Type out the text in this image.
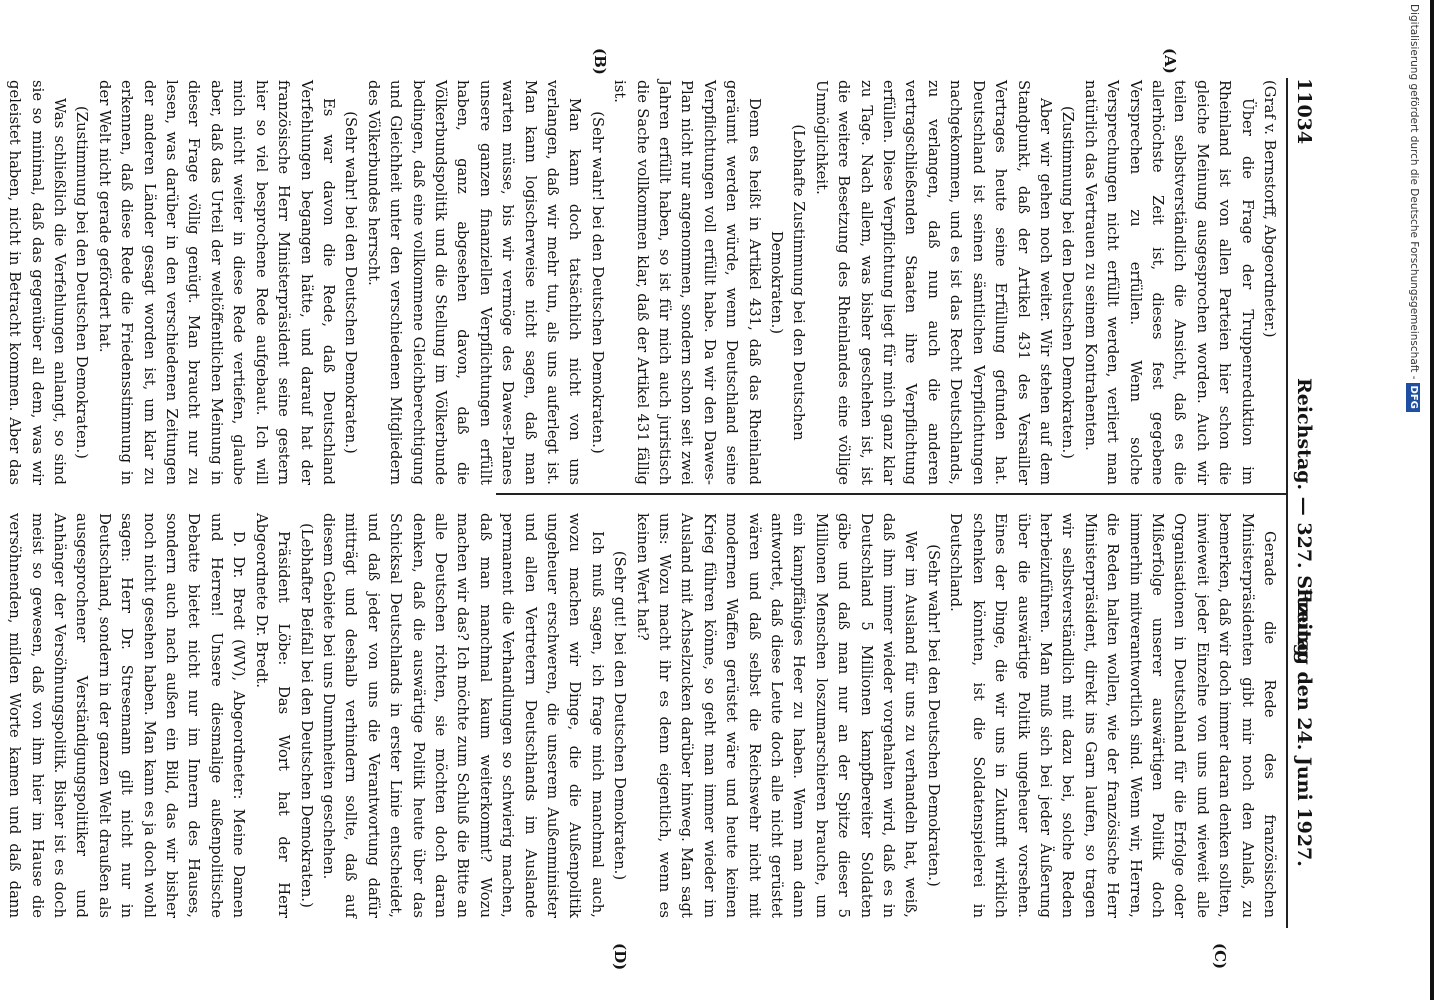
Digitalisierung gefördert durch die Deutsche Forschungsgemeinschaft -DFG
11034
Reichstag. — 327. Sitzung.
Freitag den 24. Juni 1927.
(A)
(B)
(C)
(D)

(Graf v. Bernstorff, Abgeordneter.)

Über die Frage der Truppenreduktion im Rheinland ist von allen Parteien hier schon die gleiche Meinung ausgesprochen worden. Auch wir teilen selbstverständlich die Ansicht, daß es die allerhöchste Zeit ist, dieses fest gegebene Versprechen zu erfüllen. Wenn solche Versprechungen nicht erfüllt werden, verliert man natürlich das Vertrauen zu seinem Kontrahenten.

(Zustimmung bei den Deutschen Demokraten.)

Aber wir gehen noch weiter. Wir stehen auf dem Standpunkt, daß der Artikel 431 des Versailler Vertrages heute seine Erfüllung gefunden hat. Deutschland ist seinen sämtlichen Verpflichtungen nachgekommen, und es ist das Recht Deutschlands, zu verlangen, daß nun auch die anderen vertragschließenden Staaten ihre Verpflichtung erfüllen. Diese Verpflichtung liegt für mich ganz klar zu Tage. Nach allem, was bisher geschehen ist, ist die weitere Besetzung des Rheinlandes eine völlige Unmöglichkeit.

(Lebhafte Zustimmung bei den Deutschen Demokraten.)

Denn es heißt in Artikel 431, daß das Rheinland geräumt werden würde, wenn Deutschland seine Verpflichtungen voll erfüllt habe. Da wir den Dawes-Plan nicht nur angenommen, sondern schon seit zwei Jahren erfüllt haben, so ist für mich auch juristisch die Sache vollkommen klar, daß der Artikel 431 fällig ist.

(Sehr wahr! bei den Deutschen Demokraten.)

Man kann doch tatsächlich nicht von uns verlangen, daß wir mehr tun, als uns auferlegt ist. Man kann logischerweise nicht sagen, daß man warten müsse, bis wir vermöge des Dawes-Planes unsere ganzen finanziellen Verpflichtungen erfüllt haben, ganz abgesehen davon, daß die Völkerbundspolitik und die Stellung im Völkerbunde bedingen, daß eine vollkommene Gleichberechtigung und Gleichheit unter den verschiedenen Mitgliedern des Völkerbundes herrscht.

(Sehr wahr! bei den Deutschen Demokraten.)

Es war davon die Rede, daß Deutschland Verfehlungen begangen hätte, und darauf hat der französische Herr Ministerpräsident seine gestern hier so viel besprochene Rede aufgebaut. Ich will mich nicht weiter in diese Rede vertiefen, glaube aber, daß das Urteil der weltöffentlichen Meinung in dieser Frage völlig genügt. Man braucht nur zu lesen, was darüber in den verschiedenen Zeitungen der anderen Länder gesagt worden ist, um klar zu erkennen, daß diese Rede die Friedensstimmung in der Welt nicht gerade gefördert hat.

(Zustimmung bei den Deutschen Demokraten.)

Was schließlich die Verfehlungen anlangt, so sind sie so minimal, daß das gegenüber all dem, was wir geleistet haben, nicht in Betracht kommen. Aber das

Gerade die Rede des französischen Ministerpräsidenten gibt mir noch den Anlaß, zu bemerken, daß wir doch immer daran denken sollten, inwieweit jeder Einzelne von uns und wieweit alle Organisationen in Deutschland für die Erfolge oder Mißerfolge unserer auswärtigen Politik doch immerhin mitverantwortlich sind. Wenn wir, Herren, die Reden halten wollen, wie der französische Herr Ministerpräsident, direkt ins Garn laufen, so tragen wir selbstverständlich mit dazu bei, solche Reden herbeizuführen. Man muß sich bei jeder Äußerung über die auswärtige Politik ungeheuer vorsehen. Eines der Dinge, die wir uns in Zukunft wirklich schenken könnten, ist die Soldatenspielerei in Deutschland.

(Sehr wahr! bei den Deutschen Demokraten.)

Wer im Ausland für uns zu verhandeln hat, weiß, daß ihm immer wieder vorgehalten wird, daß es in Deutschland 5 Millionen kampfbereiter Soldaten gäbe und daß man nur an der Spitze dieser 5 Millionen Menschen loszumarschieren brauche, um ein kampffähiges Heer zu haben. Wenn man dann antwortet, daß diese Leute doch alle nicht gerüstet wären und daß selbst die Reichswehr nicht mit modernen Waffen gerüstet wäre und heute keinen Krieg führen könne, so geht man immer wieder im Ausland mit Achselzucken darüber hinweg. Man sagt uns: Wozu macht ihr es denn eigentlich, wenn es keinen Wert hat?

(Sehr gut! bei den Deutschen Demokraten.)

Ich muß sagen, ich frage mich manchmal auch, wozu machen wir Dinge, die die Außenpolitik ungeheuer erschweren, die unserem Außenminister und allen Vertretern Deutschlands im Auslande permanent die Verhandlungen so schwierig machen, daß man manchmal kaum weiterkommt? Wozu machen wir das? Ich möchte zum Schluß die Bitte an alle Deutschen richten, sie möchten doch daran denken, daß die auswärtige Politik heute über das Schicksal Deutschlands in erster Linie entscheidet, und daß jeder von uns die Verantwortung dafür mitträgt und deshalb verhindern sollte, daß auf diesem Gebiete bei uns Dummheiten geschehen.

(Lebhafter Beifall bei den Deutschen Demokraten.)

Präsident Löbe: Das Wort hat der Herr Abgeordnete Dr. Bredt.

D. Dr. Bredt (WV), Abgeordneter: Meine Damen und Herren! Unsere diesmalige außenpolitische Debatte bietet nicht nur im Innern des Hauses, sondern auch nach außen ein Bild, das wir bisher noch nicht gesehen haben. Man kann es ja doch wohl sagen: Herr Dr. Stresemann gilt nicht nur in Deutschland, sondern in der ganzen Welt draußen als ausgesprochener Verständigungspolitiker und Anhänger der Versöhnungspolitik. Bisher ist es doch meist so gewesen, daß von ihm hier im Hause die versöhnenden, milden Worte kamen und daß dann
